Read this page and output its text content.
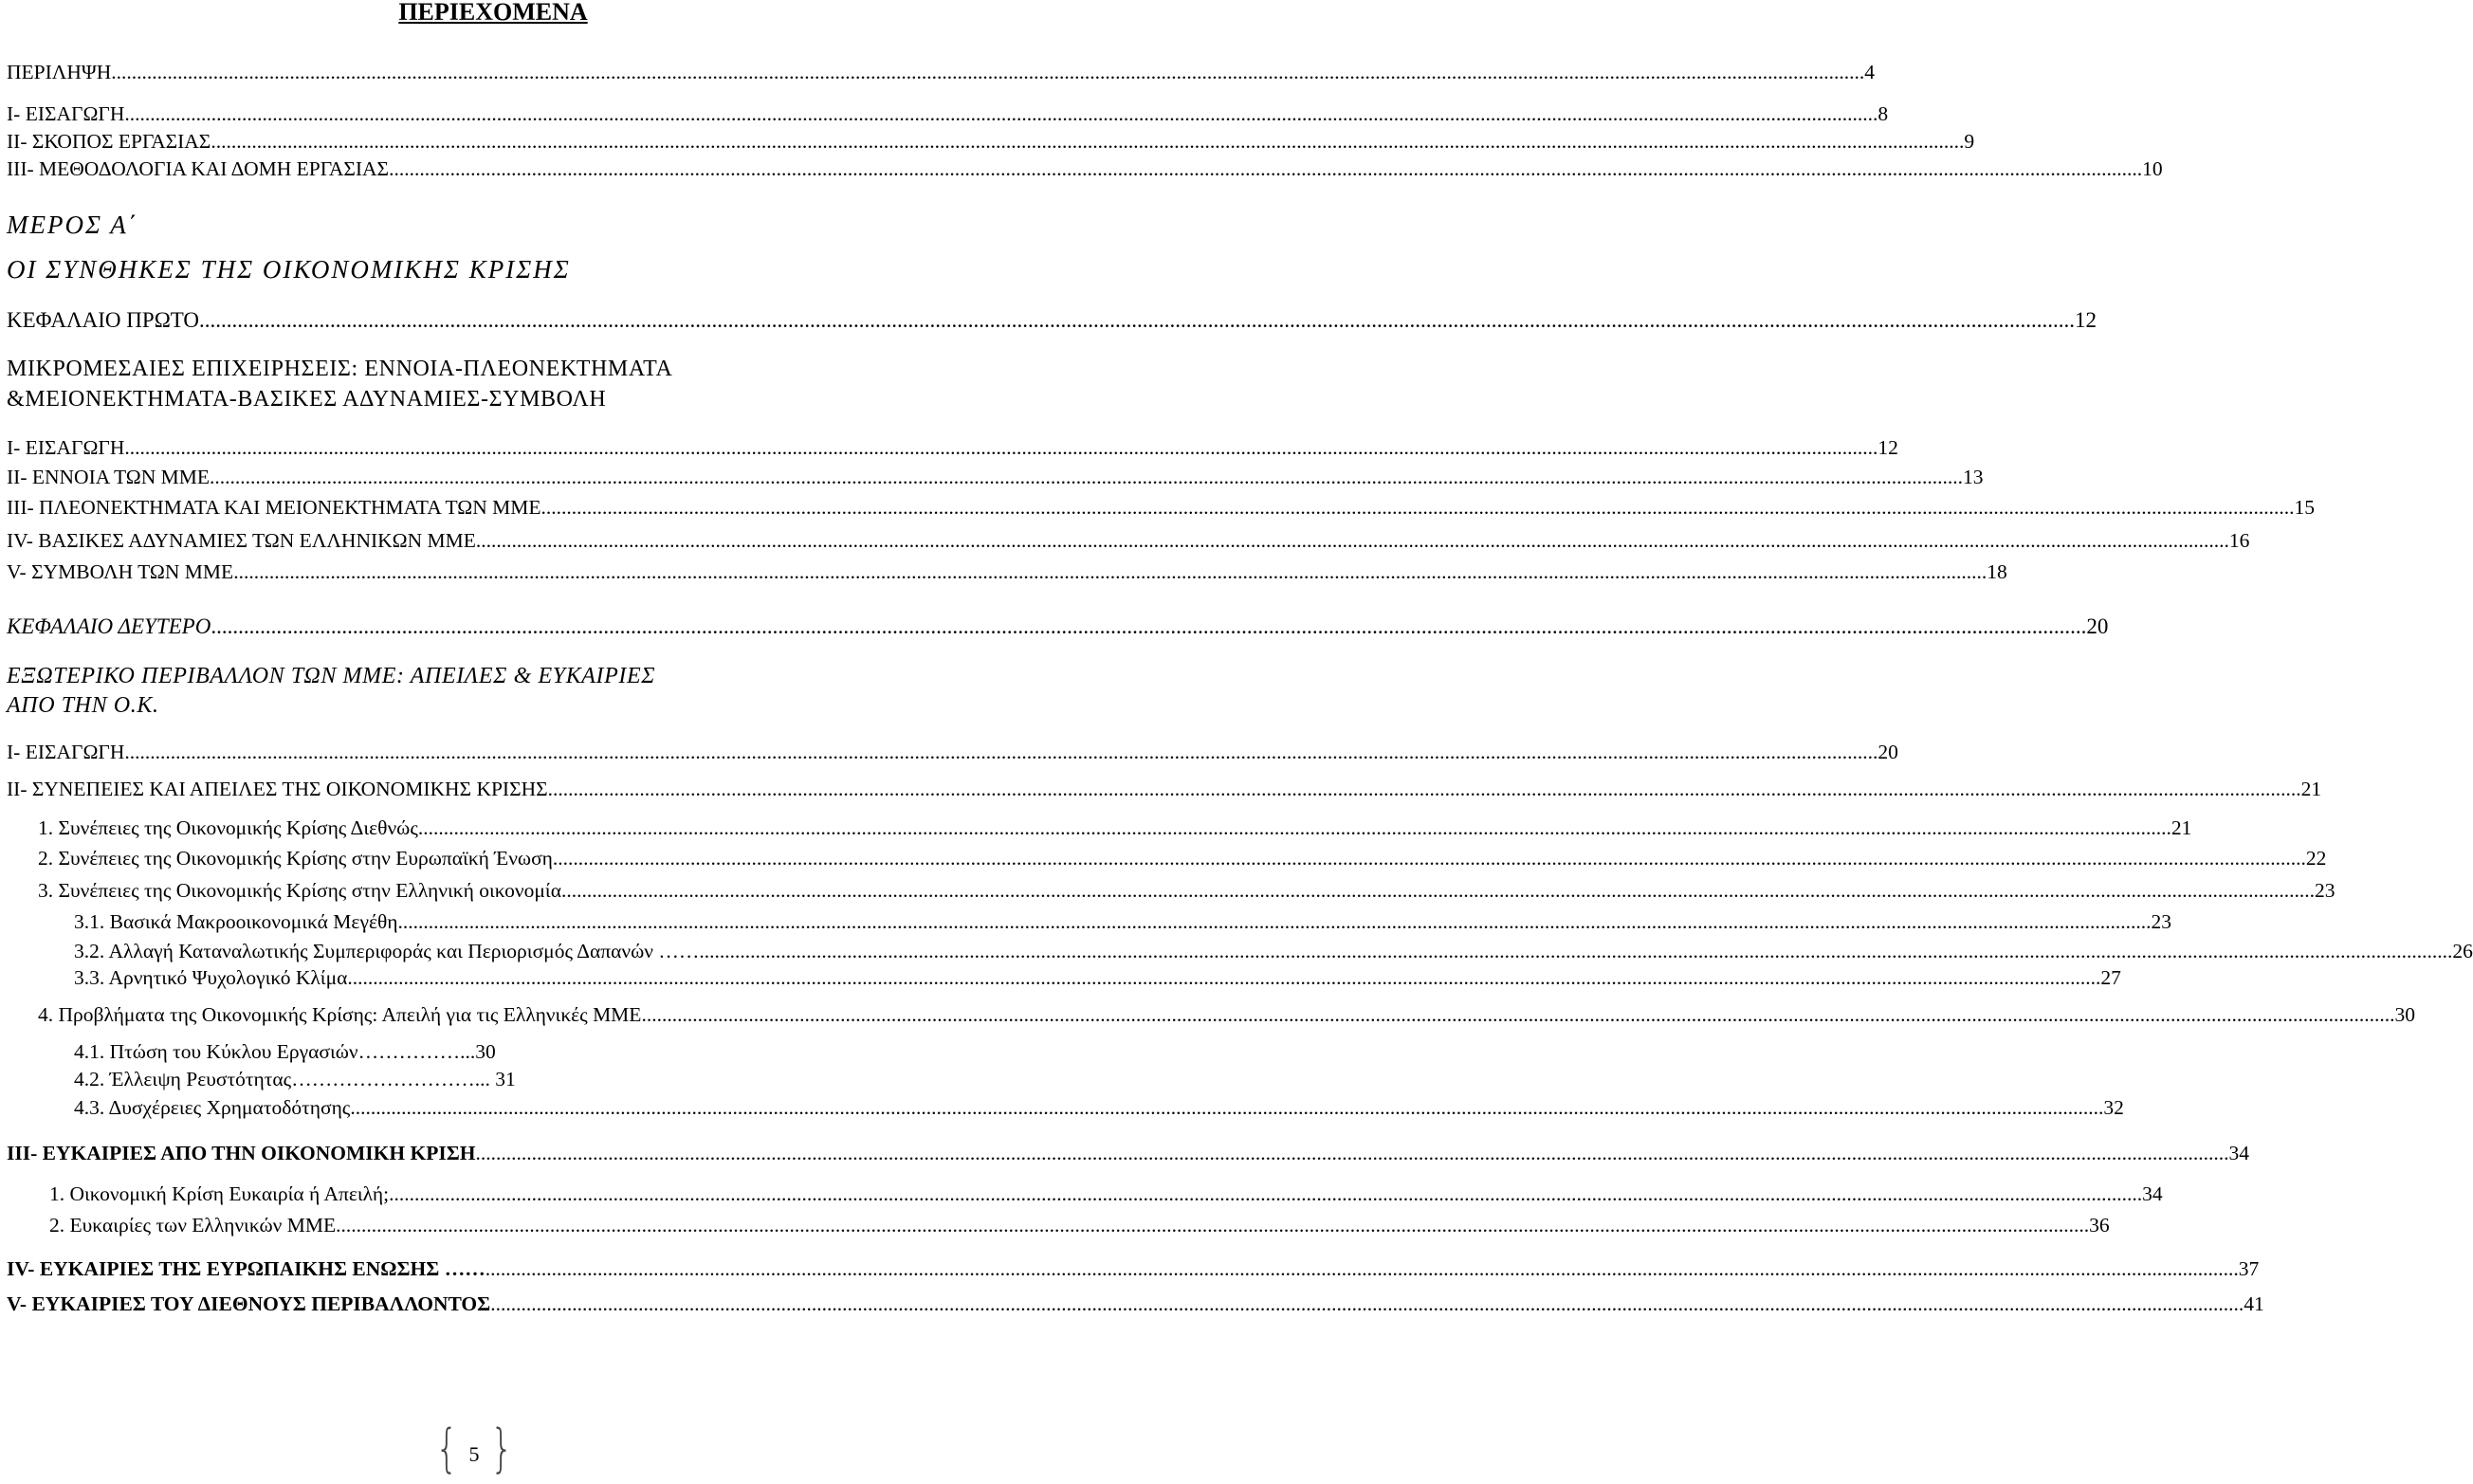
ΠΕΡΙΕΧΟΜΕΝΑ
ΠΕΡΙΛΗΨΗ .....	4
I- ΕΙΣΑΓΩΓΗ .....	8
II- ΣΚΟΠΟΣ ΕΡΓΑΣΙΑΣ .....	9
III- ΜΕΘΟΔΟΛΟΓΙΑ ΚΑΙ ΔΟΜΗ ΕΡΓΑΣΙΑΣ .....	10
ΜΕΡΟΣ Α΄
ΟΙ ΣΥΝΘΗΚΕΣ ΤΗΣ ΟΙΚΟΝΟΜΙΚΗΣ ΚΡΙΣΗΣ
ΚΕΦΑΛΑΙΟ ΠΡΩΤΟ .....	12
ΜΙΚΡΟΜΕΣΑΙΕΣ ΕΠΙΧΕΙΡΗΣΕΙΣ: ΕΝΝΟΙΑ-ΠΛΕΟΝΕΚΤΗΜΑΤΑ
&ΜΕΙΟΝΕΚΤΗΜΑΤΑ-ΒΑΣΙΚΕΣ ΑΔΥΝΑΜΙΕΣ-ΣΥΜΒΟΛΗ
I- ΕΙΣΑΓΩΓΗ .....	12
II- ΕΝΝΟΙΑ ΤΩΝ ΜΜΕ .....	13
III- ΠΛΕΟΝΕΚΤΗΜΑΤΑ ΚΑΙ ΜΕΙΟΝΕΚΤΗΜΑΤΑ ΤΩΝ ΜΜΕ .....	15
IV- ΒΑΣΙΚΕΣ ΑΔΥΝΑΜΙΕΣ ΤΩΝ ΕΛΛΗΝΙΚΩΝ ΜΜΕ .....	16
V- ΣΥΜΒΟΛΗ ΤΩΝ ΜΜΕ .....	18
ΚΕΦΑΛΑΙΟ ΔΕΥΤΕΡΟ .....	20
ΕΞΩΤΕΡΙΚΟ ΠΕΡΙΒΑΛΛΟΝ ΤΩΝ ΜΜΕ: ΑΠΕΙΛΕΣ & ΕΥΚΑΙΡΙΕΣ
ΑΠΟ ΤΗΝ Ο.Κ.
I- ΕΙΣΑΓΩΓΗ .....	20
II- ΣΥΝΕΠΕΙΕΣ ΚΑΙ ΑΠΕΙΛΕΣ ΤΗΣ ΟΙΚΟΝΟΜΙΚΗΣ ΚΡΙΣΗΣ .....	21
1. Συνέπειες της Οικονομικής Κρίσης Διεθνώς .....	21
2. Συνέπειες της Οικονομικής Κρίσης στην Ευρωπαϊκή Ένωση .....	22
3. Συνέπειες της Οικονομικής Κρίσης στην Ελληνική οικονομία .....	23
3.1. Βασικά Μακροοικονομικά Μεγέθη .....	23
3.2. Αλλαγή Καταναλωτικής Συμπεριφοράς και Περιορισμός Δαπανών …… .....	26
3.3. Αρνητικό Ψυχολογικό Κλίμα .....	27
4. Προβλήματα της Οικονομικής Κρίσης: Απειλή για τις Ελληνικές ΜΜΕ .....	30
4.1. Πτώση του Κύκλου Εργασιών…………… ...30
4.2. Έλλειψη Ρευστότητας……………………… ... 31
4.3. Δυσχέρειες Χρηματοδότησης .....	32
III- ΕΥΚΑΙΡΙΕΣ ΑΠΟ ΤΗΝ ΟΙΚΟΝΟΜΙΚΗ ΚΡΙΣΗ .....	34
1. Οικονομική Κρίση Ευκαιρία ή Απειλή; .....	34
2. Ευκαιρίες των Ελληνικών ΜΜΕ .....	36
IV- ΕΥΚΑΙΡΙΕΣ ΤΗΣ ΕΥΡΩΠΑΙΚΗΣ ΕΝΩΣΗΣ …… .....	37
V- ΕΥΚΑΙΡΙΕΣ ΤΟΥ ΔΙΕΘΝΟΥΣ ΠΕΡΙΒΑΛΛΟΝΤΟΣ .....	41
{ 5 }
